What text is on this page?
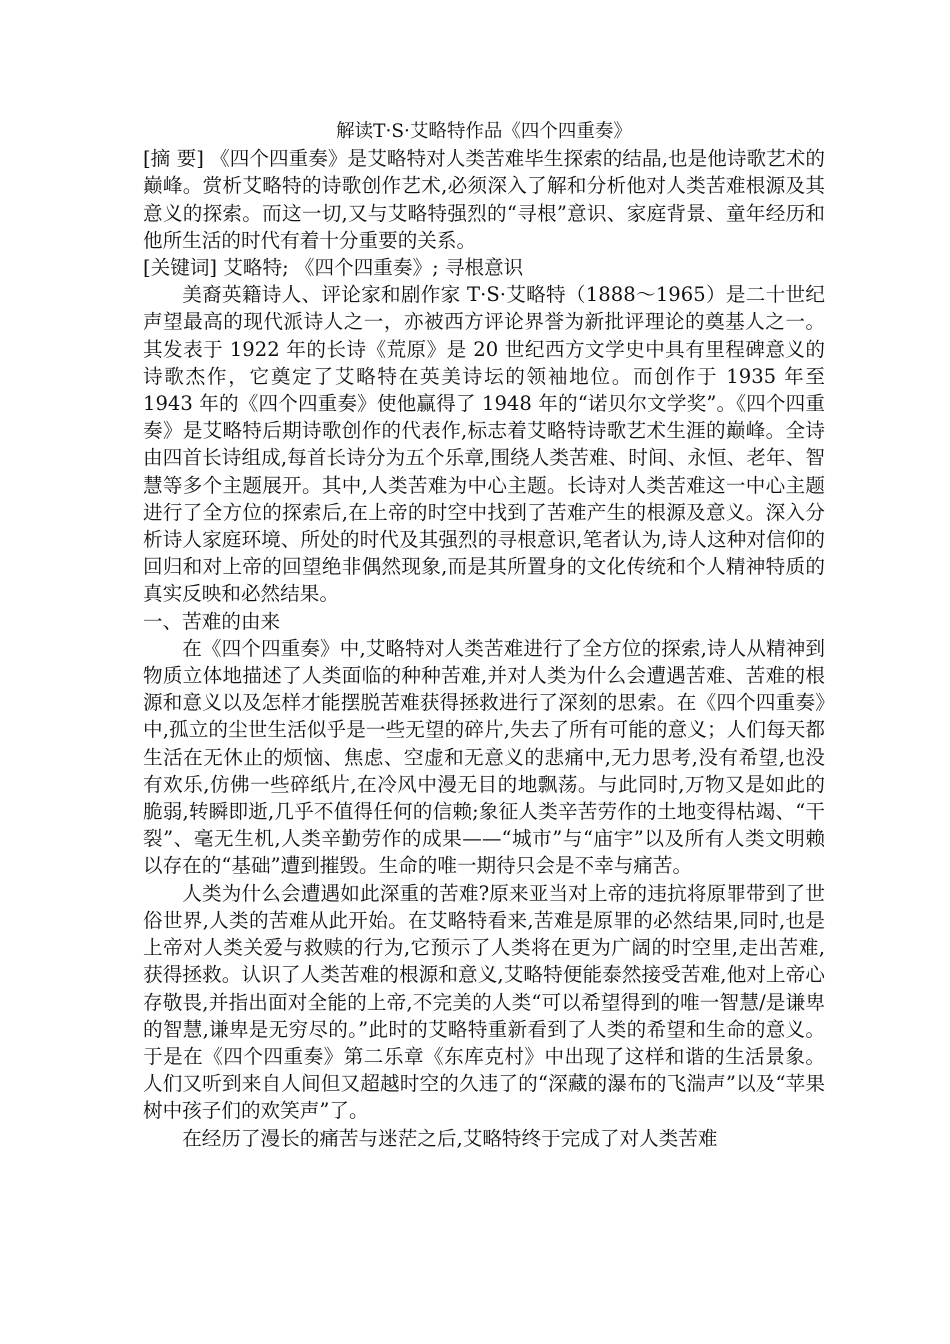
解读T·S·艾略特作品《四个四重奏》

[摘 要] 《四个四重奏》是艾略特对人类苦难毕生探索的结晶,也是他诗歌艺术的巅峰。赏析艾略特的诗歌创作艺术,必须深入了解和分析他对人类苦难根源及其意义的探索。而这一切,又与艾略特强烈的“寻根”意识、家庭背景、童年经历和他所生活的时代有着十分重要的关系。

[关键词] 艾略特; 《四个四重奏》; 寻根意识

美裔英籍诗人、评论家和剧作家 T·S·艾略特（1888～1965）是二十世纪声望最高的现代派诗人之一，亦被西方评论界誉为新批评理论的奠基人之一。其发表于 1922 年的长诗《荒原》是 20 世纪西方文学史中具有里程碑意义的诗歌杰作，它奠定了艾略特在英美诗坛的领袖地位。而创作于 1935 年至 1943 年的《四个四重奏》使他赢得了 1948 年的“诺贝尔文学奖”。《四个四重奏》是艾略特后期诗歌创作的代表作,标志着艾略特诗歌艺术生涯的巅峰。全诗由四首长诗组成,每首长诗分为五个乐章,围绕人类苦难、时间、永恒、老年、智慧等多个主题展开。其中,人类苦难为中心主题。长诗对人类苦难这一中心主题进行了全方位的探索后,在上帝的时空中找到了苦难产生的根源及意义。深入分析诗人家庭环境、所处的时代及其强烈的寻根意识,笔者认为,诗人这种对信仰的回归和对上帝的回望绝非偶然现象,而是其所置身的文化传统和个人精神特质的真实反映和必然结果。

一、苦难的由来

在《四个四重奏》中,艾略特对人类苦难进行了全方位的探索,诗人从精神到物质立体地描述了人类面临的种种苦难,并对人类为什么会遭遇苦难、苦难的根源和意义以及怎样才能摆脱苦难获得拯救进行了深刻的思索。在《四个四重奏》中,孤立的尘世生活似乎是一些无望的碎片,失去了所有可能的意义；人们每天都生活在无休止的烦恼、焦虑、空虚和无意义的悲痛中,无力思考,没有希望,也没有欢乐,仿佛一些碎纸片,在冷风中漫无目的地飘荡。与此同时,万物又是如此的脆弱,转瞬即逝,几乎不值得任何的信赖;象征人类辛苦劳作的土地变得枯竭、“干裂”、毫无生机,人类辛勤劳作的成果——“城市”与“庙宇”以及所有人类文明赖以存在的“基础”遭到摧毁。生命的唯一期待只会是不幸与痛苦。

人类为什么会遭遇如此深重的苦难?原来亚当对上帝的违抗将原罪带到了世俗世界,人类的苦难从此开始。在艾略特看来,苦难是原罪的必然结果,同时,也是上帝对人类关爱与救赎的行为,它预示了人类将在更为广阔的时空里,走出苦难,获得拯救。认识了人类苦难的根源和意义,艾略特便能泰然接受苦难,他对上帝心存敬畏,并指出面对全能的上帝,不完美的人类“可以希望得到的唯一智慧/是谦卑的智慧,谦卑是无穷尽的。”此时的艾略特重新看到了人类的希望和生命的意义。于是在《四个四重奏》第二乐章《东库克村》中出现了这样和谐的生活景象。人们又听到来自人间但又超越时空的久违了的“深藏的瀑布的飞湍声”以及“苹果树中孩子们的欢笑声”了。

在经历了漫长的痛苦与迷茫之后,艾略特终于完成了对人类苦难
